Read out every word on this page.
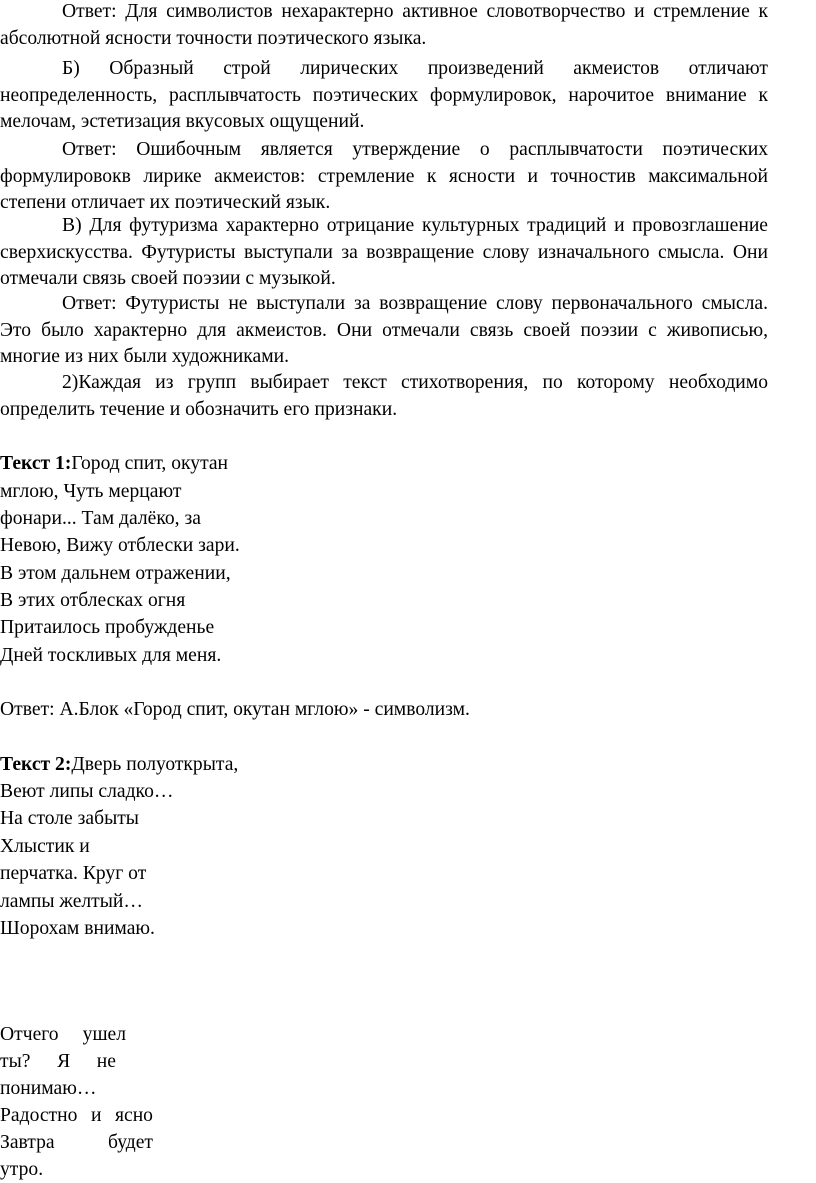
Ответ: Для символистов нехарактерно активное словотворчество и стремление к абсолютной ясности точности поэтического языка.

Б) Образный строй лирических произведений акмеистов отличают неопределенность, расплывчатость поэтических формулировок, нарочитое внимание к мелочам, эстетизация вкусовых ощущений.

Ответ: Ошибочным является утверждение о расплывчатости поэтических формулировокв лирике акмеистов: стремление к ясности и точностив максимальной степени отличает их поэтический язык.

В) Для футуризма характерно отрицание культурных традиций и провозглашение сверхискусства. Футуристы выступали за возвращение слову изначального смысла. Они отмечали связь своей поэзии с музыкой.

Ответ: Футуристы не выступали за возвращение слову первоначального смысла. Это было характерно для акмеистов. Они отмечали связь своей поэзии с живописью, многие из них были художниками.

2)Каждая из групп выбирает текст стихотворения, по которому необходимо определить течение и обозначить его признаки.

Текст 1:Город спит, окутан
мглою, Чуть мерцают
фонари... Там далёко, за
Невою, Вижу отблески зари.
В этом дальнем отражении,
В этих отблесках огня
Притаилось пробужденье
Дней тоскливых для меня.
Ответ: А.Блок «Город спит, окутан мглою» - символизм.
Текст 2:Дверь полуоткрыта,
Веют липы сладко…
На столе забыты
Хлыстик и
перчатка. Круг от
лампы желтый…
Шорохам внимаю.
Отчего ушел
ты? Я не
понимаю…
Радостно и ясно
Завтра	будет
утро.
